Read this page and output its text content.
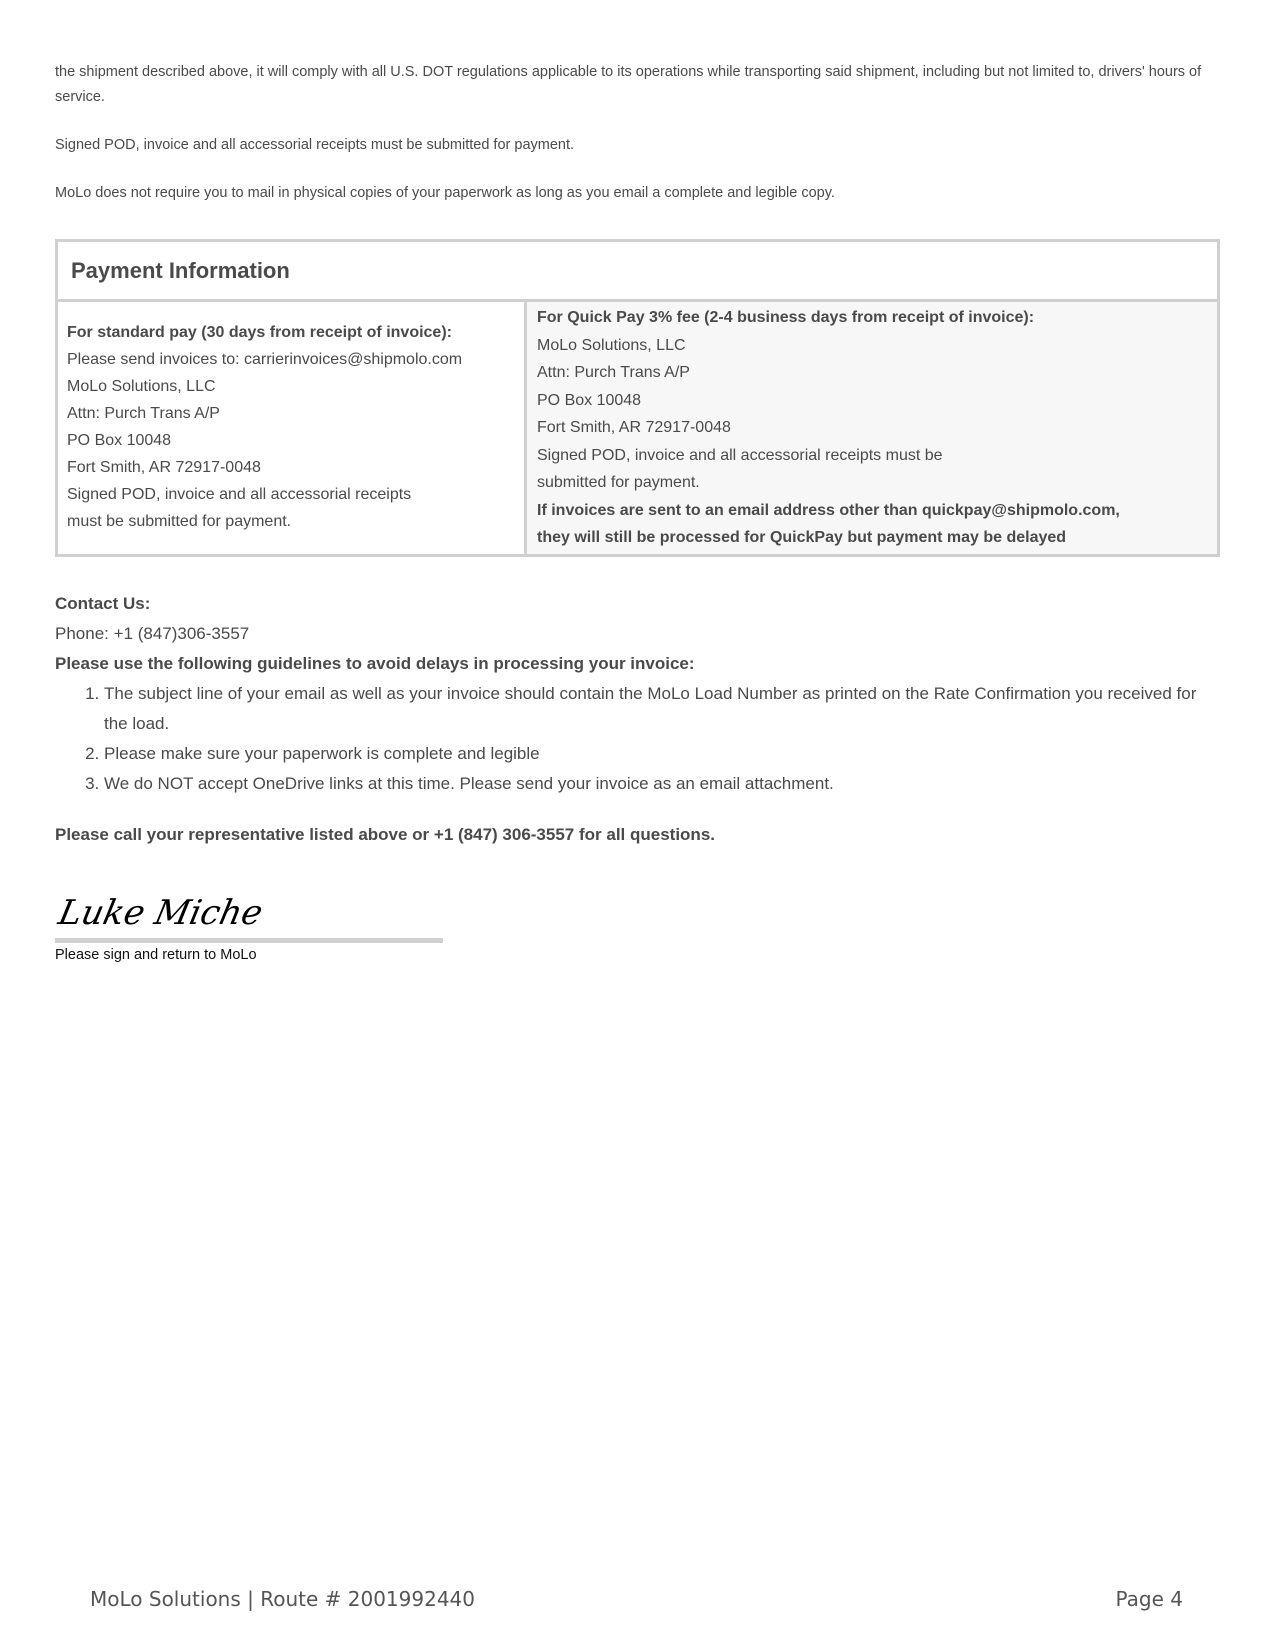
the shipment described above, it will comply with all U.S. DOT regulations applicable to its operations while transporting said shipment, including but not limited to, drivers' hours of service.

Signed POD, invoice and all accessorial receipts must be submitted for payment.

MoLo does not require you to mail in physical copies of your paperwork as long as you email a complete and legible copy.

Payment Information
For standard pay (30 days from receipt of invoice):
Please send invoices to: carrierinvoices@shipmolo.com
MoLo Solutions, LLC
Attn: Purch Trans A/P
PO Box 10048
Fort Smith, AR 72917-0048
Signed POD, invoice and all accessorial receipts
must be submitted for payment.
For Quick Pay 3% fee (2-4 business days from receipt of invoice):
MoLo Solutions, LLC
Attn: Purch Trans A/P
PO Box 10048
Fort Smith, AR 72917-0048
Signed POD, invoice and all accessorial receipts must be
submitted for payment.
If invoices are sent to an email address other than quickpay@shipmolo.com,
they will still be processed for QuickPay but payment may be delayed
Contact Us:
Phone: +1 (847)306-3557
Please use the following guidelines to avoid delays in processing your invoice:
1. The subject line of your email as well as your invoice should contain the MoLo Load Number as printed on the Rate Confirmation you received for the load.
2. Please make sure your paperwork is complete and legible
3. We do NOT accept OneDrive links at this time. Please send your invoice as an email attachment.
Please call your representative listed above or +1 (847) 306-3557 for all questions.
Luke Miche
Please sign and return to MoLo
MoLo Solutions | Route # 2001992440	Page 4
